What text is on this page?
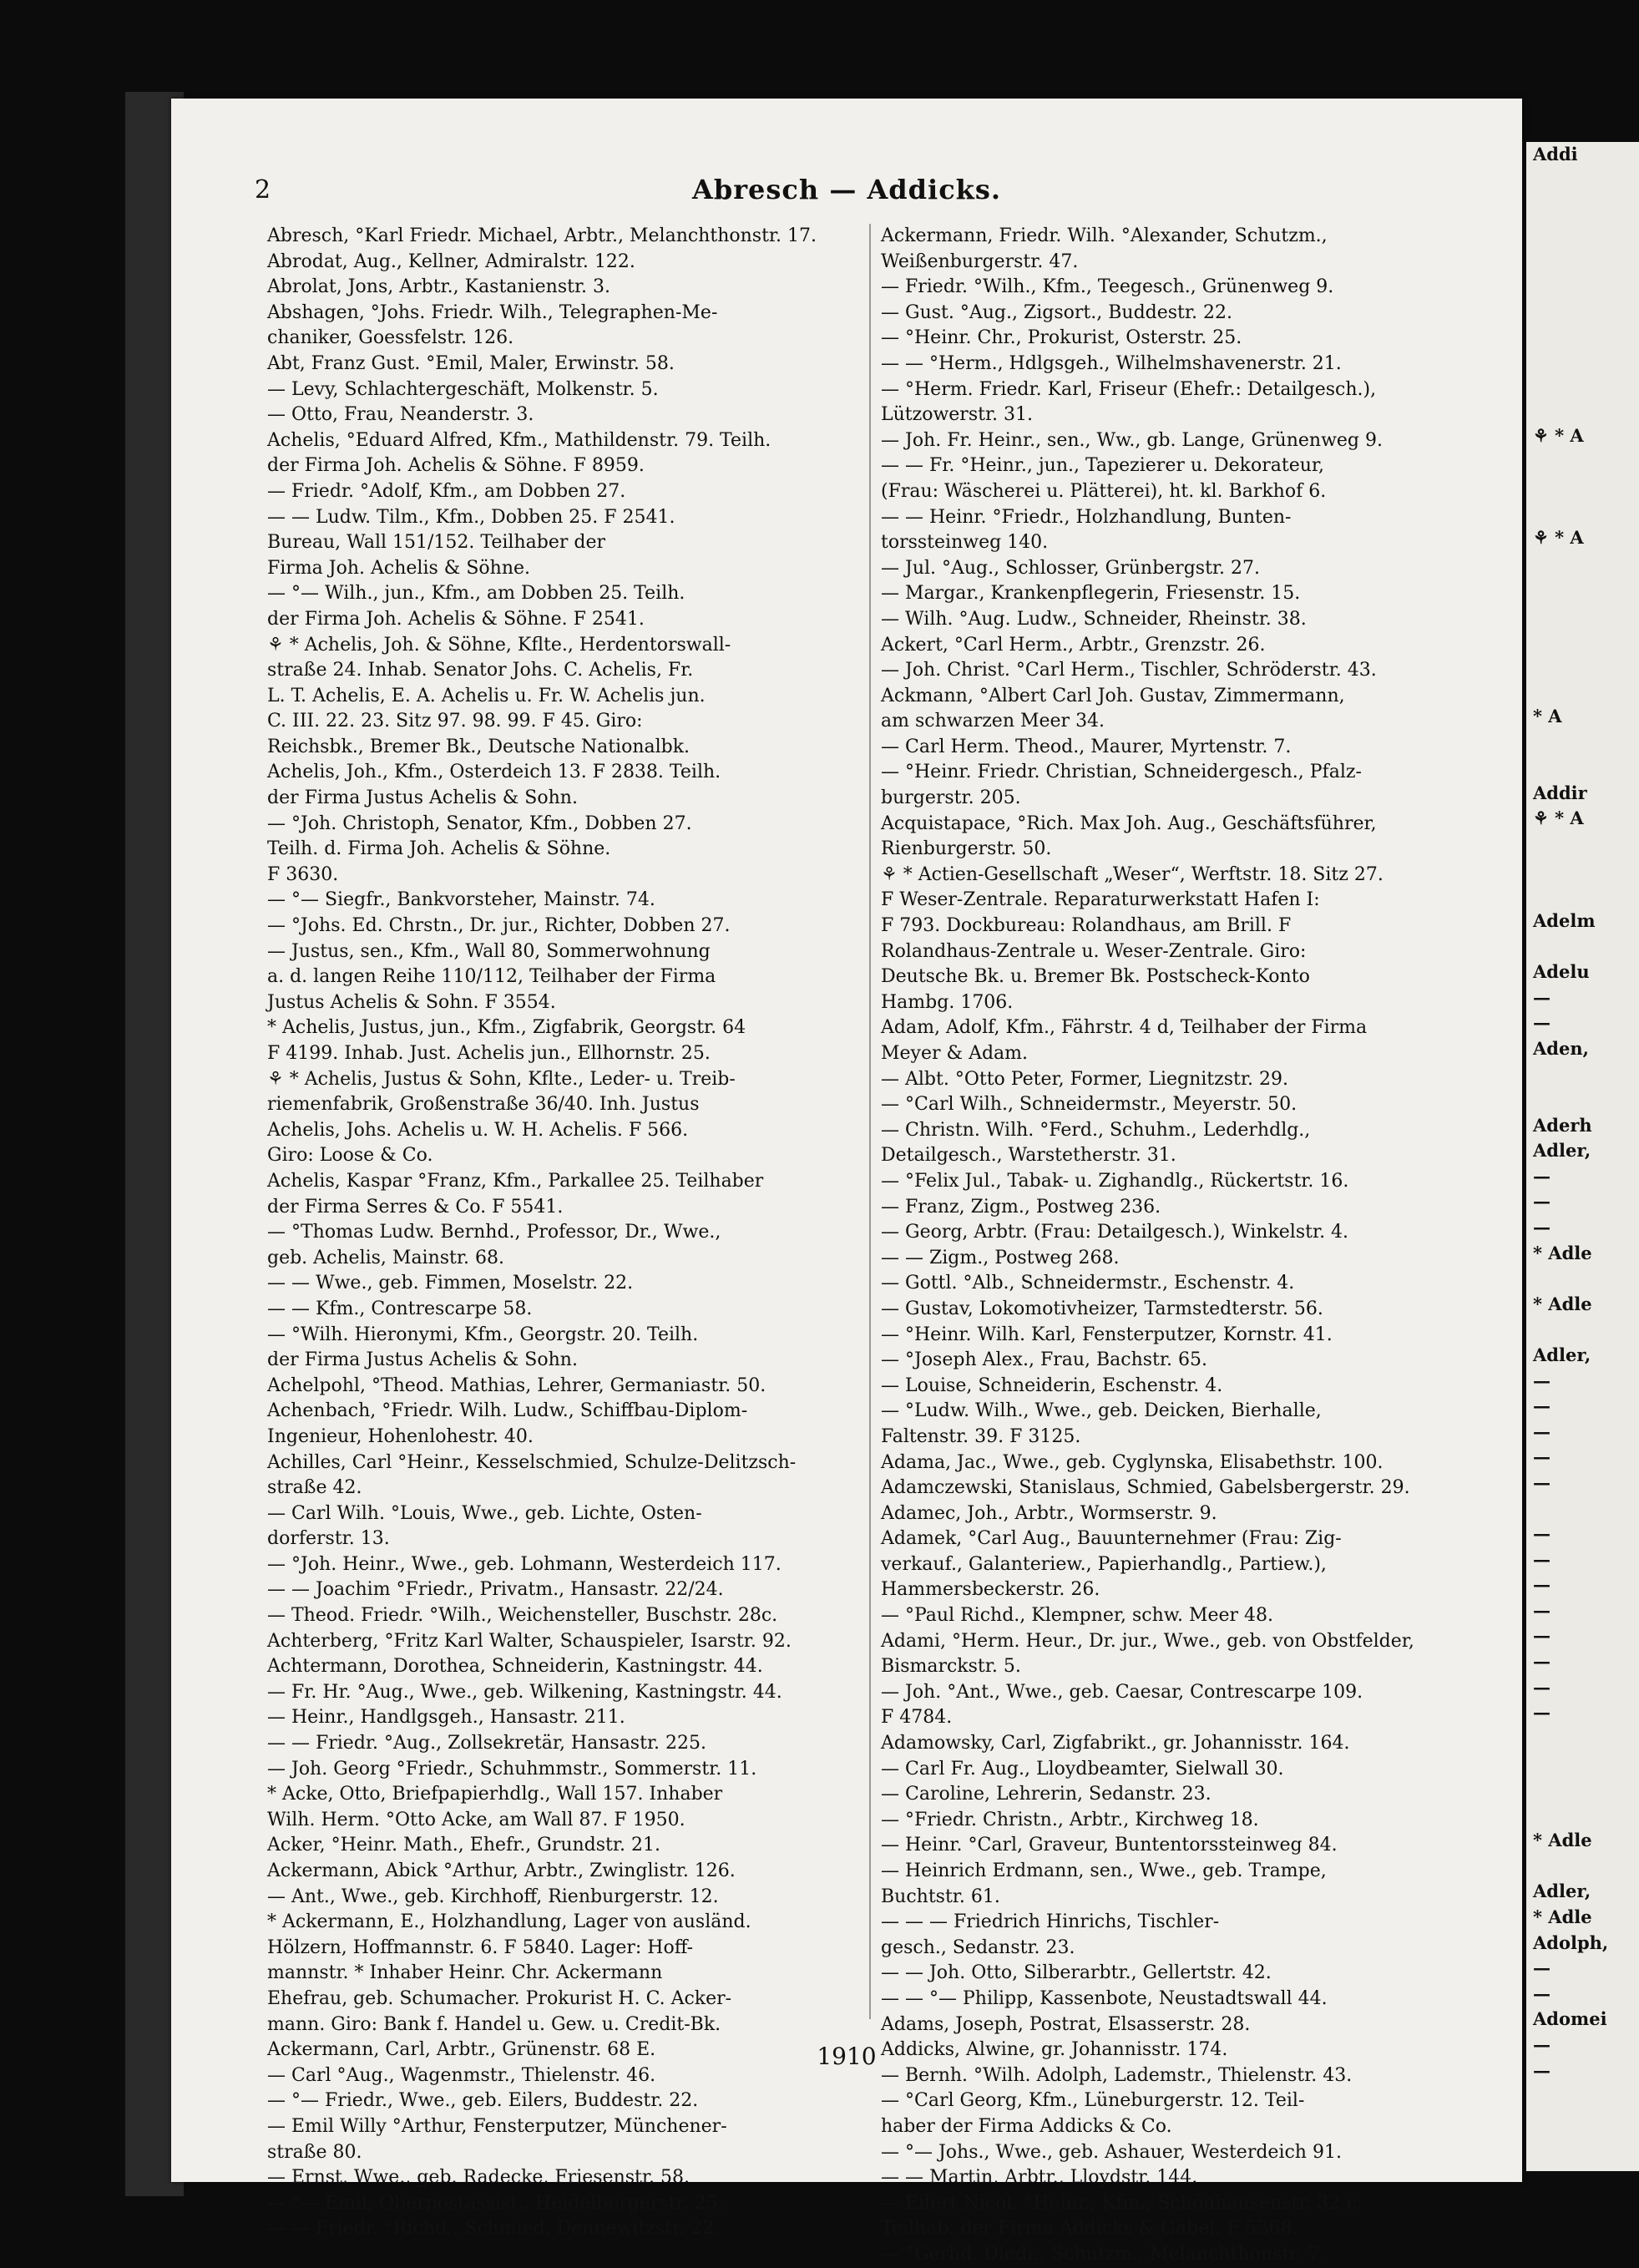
2	Abresch — Addicks.
Abresch, °Karl Friedr. Michael, Arbtr., Melanchthonstr. 17.
Abrodat, Aug., Kellner, Admiralstr. 122.
Abrolat, Jons, Arbtr., Kastanienstr. 3.
Abshagen, °Johs. Friedr. Wilh., Telegraphen-Me-
chaniker, Goessfelstr. 126.
Abt, Franz Gust. °Emil, Maler, Erwinstr. 58.
— Levy, Schlachtergeschäft, Molkenstr. 5.
— Otto, Frau, Neanderstr. 3.
Achelis, °Eduard Alfred, Kfm., Mathildenstr. 79. Teilh.
der Firma Joh. Achelis & Söhne. F 8959.
— Friedr. °Adolf, Kfm., am Dobben 27.
— — Ludw. Tilm., Kfm., Dobben 25. F 2541.
Bureau, Wall 151/152. Teilhaber der
Firma Joh. Achelis & Söhne.
— °— Wilh., jun., Kfm., am Dobben 25. Teilh.
der Firma Joh. Achelis & Söhne. F 2541.
⚘ * Achelis, Joh. & Söhne, Kflte., Herdentorswall-
straße 24. Inhab. Senator Johs. C. Achelis, Fr.
L. T. Achelis, E. A. Achelis u. Fr. W. Achelis jun.
C. III. 22. 23. Sitz 97. 98. 99. F 45. Giro:
Reichsbk., Bremer Bk., Deutsche Nationalbk.
Achelis, Joh., Kfm., Osterdeich 13. F 2838. Teilh.
der Firma Justus Achelis & Sohn.
— °Joh. Christoph, Senator, Kfm., Dobben 27.
Teilh. d. Firma Joh. Achelis & Söhne.
F 3630.
— °— Siegfr., Bankvorsteher, Mainstr. 74.
— °Johs. Ed. Chrstn., Dr. jur., Richter, Dobben 27.
— Justus, sen., Kfm., Wall 80, Sommerwohnung
a. d. langen Reihe 110/112, Teilhaber der Firma
Justus Achelis & Sohn. F 3554.
* Achelis, Justus, jun., Kfm., Zigfabrik, Georgstr. 64
F 4199. Inhab. Just. Achelis jun., Ellhornstr. 25.
⚘ * Achelis, Justus & Sohn, Kflte., Leder- u. Treib-
riemenfabrik, Großenstraße 36/40. Inh. Justus
Achelis, Johs. Achelis u. W. H. Achelis. F 566.
Giro: Loose & Co.
Achelis, Kaspar °Franz, Kfm., Parkallee 25. Teilhaber
der Firma Serres & Co. F 5541.
— °Thomas Ludw. Bernhd., Professor, Dr., Wwe.,
geb. Achelis, Mainstr. 68.
— — Wwe., geb. Fimmen, Moselstr. 22.
— — Kfm., Contrescarpe 58.
— °Wilh. Hieronymi, Kfm., Georgstr. 20. Teilh.
der Firma Justus Achelis & Sohn.
Achelpohl, °Theod. Mathias, Lehrer, Germaniastr. 50.
Achenbach, °Friedr. Wilh. Ludw., Schiffbau-Diplom-
Ingenieur, Hohenlohestr. 40.
Achilles, Carl °Heinr., Kesselschmied, Schulze-Delitzsch-
straße 42.
— Carl Wilh. °Louis, Wwe., geb. Lichte, Osten-
dorferstr. 13.
— °Joh. Heinr., Wwe., geb. Lohmann, Westerdeich 117.
— — Joachim °Friedr., Privatm., Hansastr. 22/24.
— Theod. Friedr. °Wilh., Weichensteller, Buschstr. 28c.
Achterberg, °Fritz Karl Walter, Schauspieler, Isarstr. 92.
Achtermann, Dorothea, Schneiderin, Kastningstr. 44.
— Fr. Hr. °Aug., Wwe., geb. Wilkening, Kastningstr. 44.
— Heinr., Handlgsgeh., Hansastr. 211.
— — Friedr. °Aug., Zollsekretär, Hansastr. 225.
— Joh. Georg °Friedr., Schuhmmstr., Sommerstr. 11.
* Acke, Otto, Briefpapierhdlg., Wall 157. Inhaber
Wilh. Herm. °Otto Acke, am Wall 87. F 1950.
Acker, °Heinr. Math., Ehefr., Grundstr. 21.
Ackermann, Abick °Arthur, Arbtr., Zwinglistr. 126.
— Ant., Wwe., geb. Kirchhoff, Rienburgerstr. 12.
* Ackermann, E., Holzhandlung, Lager von ausländ.
Hölzern, Hoffmannstr. 6. F 5840. Lager: Hoff-
mannstr. * Inhaber Heinr. Chr. Ackermann
Ehefrau, geb. Schumacher. Prokurist H. C. Acker-
mann. Giro: Bank f. Handel u. Gew. u. Credit-Bk.
Ackermann, Carl, Arbtr., Grünenstr. 68 E.
— Carl °Aug., Wagenmstr., Thielenstr. 46.
— °— Friedr., Wwe., geb. Eilers, Buddestr. 22.
— Emil Willy °Arthur, Fensterputzer, Münchener-
straße 80.
— Ernst, Wwe., geb. Radecke, Friesenstr. 58.
— °— Emil, Oberpostassist., Heidelbergerstr. 25.
— — Friedr. °Richd., Schmied, Dennewitzstr. 22.
Ackermann, Friedr. Wilh. °Alexander, Schutzm.,
Weißenburgerstr. 47.
— Friedr. °Wilh., Kfm., Teegesch., Grünenweg 9.
— Gust. °Aug., Zigsort., Buddestr. 22.
— °Heinr. Chr., Prokurist, Osterstr. 25.
— — °Herm., Hdlgsgeh., Wilhelmshavenerstr. 21.
— °Herm. Friedr. Karl, Friseur (Ehefr.: Detailgesch.),
Lützowerstr. 31.
— Joh. Fr. Heinr., sen., Ww., gb. Lange, Grünenweg 9.
— — Fr. °Heinr., jun., Tapezierer u. Dekorateur,
(Frau: Wäscherei u. Plätterei), ht. kl. Barkhof 6.
— — Heinr. °Friedr., Holzhandlung, Bunten-
torssteinweg 140.
— Jul. °Aug., Schlosser, Grünbergstr. 27.
— Margar., Krankenpflegerin, Friesenstr. 15.
— Wilh. °Aug. Ludw., Schneider, Rheinstr. 38.
Ackert, °Carl Herm., Arbtr., Grenzstr. 26.
— Joh. Christ. °Carl Herm., Tischler, Schröderstr. 43.
Ackmann, °Albert Carl Joh. Gustav, Zimmermann,
am schwarzen Meer 34.
— Carl Herm. Theod., Maurer, Myrtenstr. 7.
— °Heinr. Friedr. Christian, Schneidergesch., Pfalz-
burgerstr. 205.
Acquistapace, °Rich. Max Joh. Aug., Geschäftsführer,
Rienburgerstr. 50.
⚘ * Actien-Gesellschaft „Weser“, Werftstr. 18. Sitz 27.
F Weser-Zentrale. Reparaturwerkstatt Hafen I:
F 793. Dockbureau: Rolandhaus, am Brill. F
Rolandhaus-Zentrale u. Weser-Zentrale. Giro:
Deutsche Bk. u. Bremer Bk. Postscheck-Konto
Hambg. 1706.
Adam, Adolf, Kfm., Fährstr. 4 d, Teilhaber der Firma
Meyer & Adam.
— Albt. °Otto Peter, Former, Liegnitzstr. 29.
— °Carl Wilh., Schneidermstr., Meyerstr. 50.
— Christn. Wilh. °Ferd., Schuhm., Lederhdlg.,
Detailgesch., Warstetherstr. 31.
— °Felix Jul., Tabak- u. Zighandlg., Rückertstr. 16.
— Franz, Zigm., Postweg 236.
— Georg, Arbtr. (Frau: Detailgesch.), Winkelstr. 4.
— — Zigm., Postweg 268.
— Gottl. °Alb., Schneidermstr., Eschenstr. 4.
— Gustav, Lokomotivheizer, Tarmstedterstr. 56.
— °Heinr. Wilh. Karl, Fensterputzer, Kornstr. 41.
— °Joseph Alex., Frau, Bachstr. 65.
— Louise, Schneiderin, Eschenstr. 4.
— °Ludw. Wilh., Wwe., geb. Deicken, Bierhalle,
Faltenstr. 39. F 3125.
Adama, Jac., Wwe., geb. Cyglynska, Elisabethstr. 100.
Adamczewski, Stanislaus, Schmied, Gabelsbergerstr. 29.
Adamec, Joh., Arbtr., Wormserstr. 9.
Adamek, °Carl Aug., Bauunternehmer (Frau: Zig-
verkauf., Galanteriew., Papierhandlg., Partiew.),
Hammersbeckerstr. 26.
— °Paul Richd., Klempner, schw. Meer 48.
Adami, °Herm. Heur., Dr. jur., Wwe., geb. von Obstfelder,
Bismarckstr. 5.
— Joh. °Ant., Wwe., geb. Caesar, Contrescarpe 109.
F 4784.
Adamowsky, Carl, Zigfabrikt., gr. Johannisstr. 164.
— Carl Fr. Aug., Lloydbeamter, Sielwall 30.
— Caroline, Lehrerin, Sedanstr. 23.
— °Friedr. Christn., Arbtr., Kirchweg 18.
— Heinr. °Carl, Graveur, Buntentorssteinweg 84.
— Heinrich Erdmann, sen., Wwe., geb. Trampe,
Buchtstr. 61.
— — — Friedrich Hinrichs, Tischler-
gesch., Sedanstr. 23.
— — Joh. Otto, Silberarbtr., Gellertstr. 42.
— — °— Philipp, Kassenbote, Neustadtswall 44.
Adams, Joseph, Postrat, Elsasserstr. 28.
Addicks, Alwine, gr. Johannisstr. 174.
— Bernh. °Wilh. Adolph, Lademstr., Thielenstr. 43.
— °Carl Georg, Kfm., Lüneburgerstr. 12. Teil-
haber der Firma Addicks & Co.
— °— Johs., Wwe., geb. Ashauer, Westerdeich 91.
— — Martin, Arbtr., Lloydstr. 144.
— Eilert Nicol. °Heinr., Kfm., Schönhausenstr. 32 c.
Teilhab. der Firma Addicks & Gäbel. F 5368.
— °Gerhd. Diedr., Schutzm., Melanchthonstr. 7.
1910
Addi

⚘ * A

⚘ * A

* A

Addir
⚘ * A

Adelm

Adelu
—
—
Aden,

Aderh
Adler,
—
—
—
* Adle

* Adle

Adler,
—
—
—
—
—

—
—
—
—
—
—
—
—

* Adle

Adler,
* Adle
Adolph,
—
—
Adomei
—
—
